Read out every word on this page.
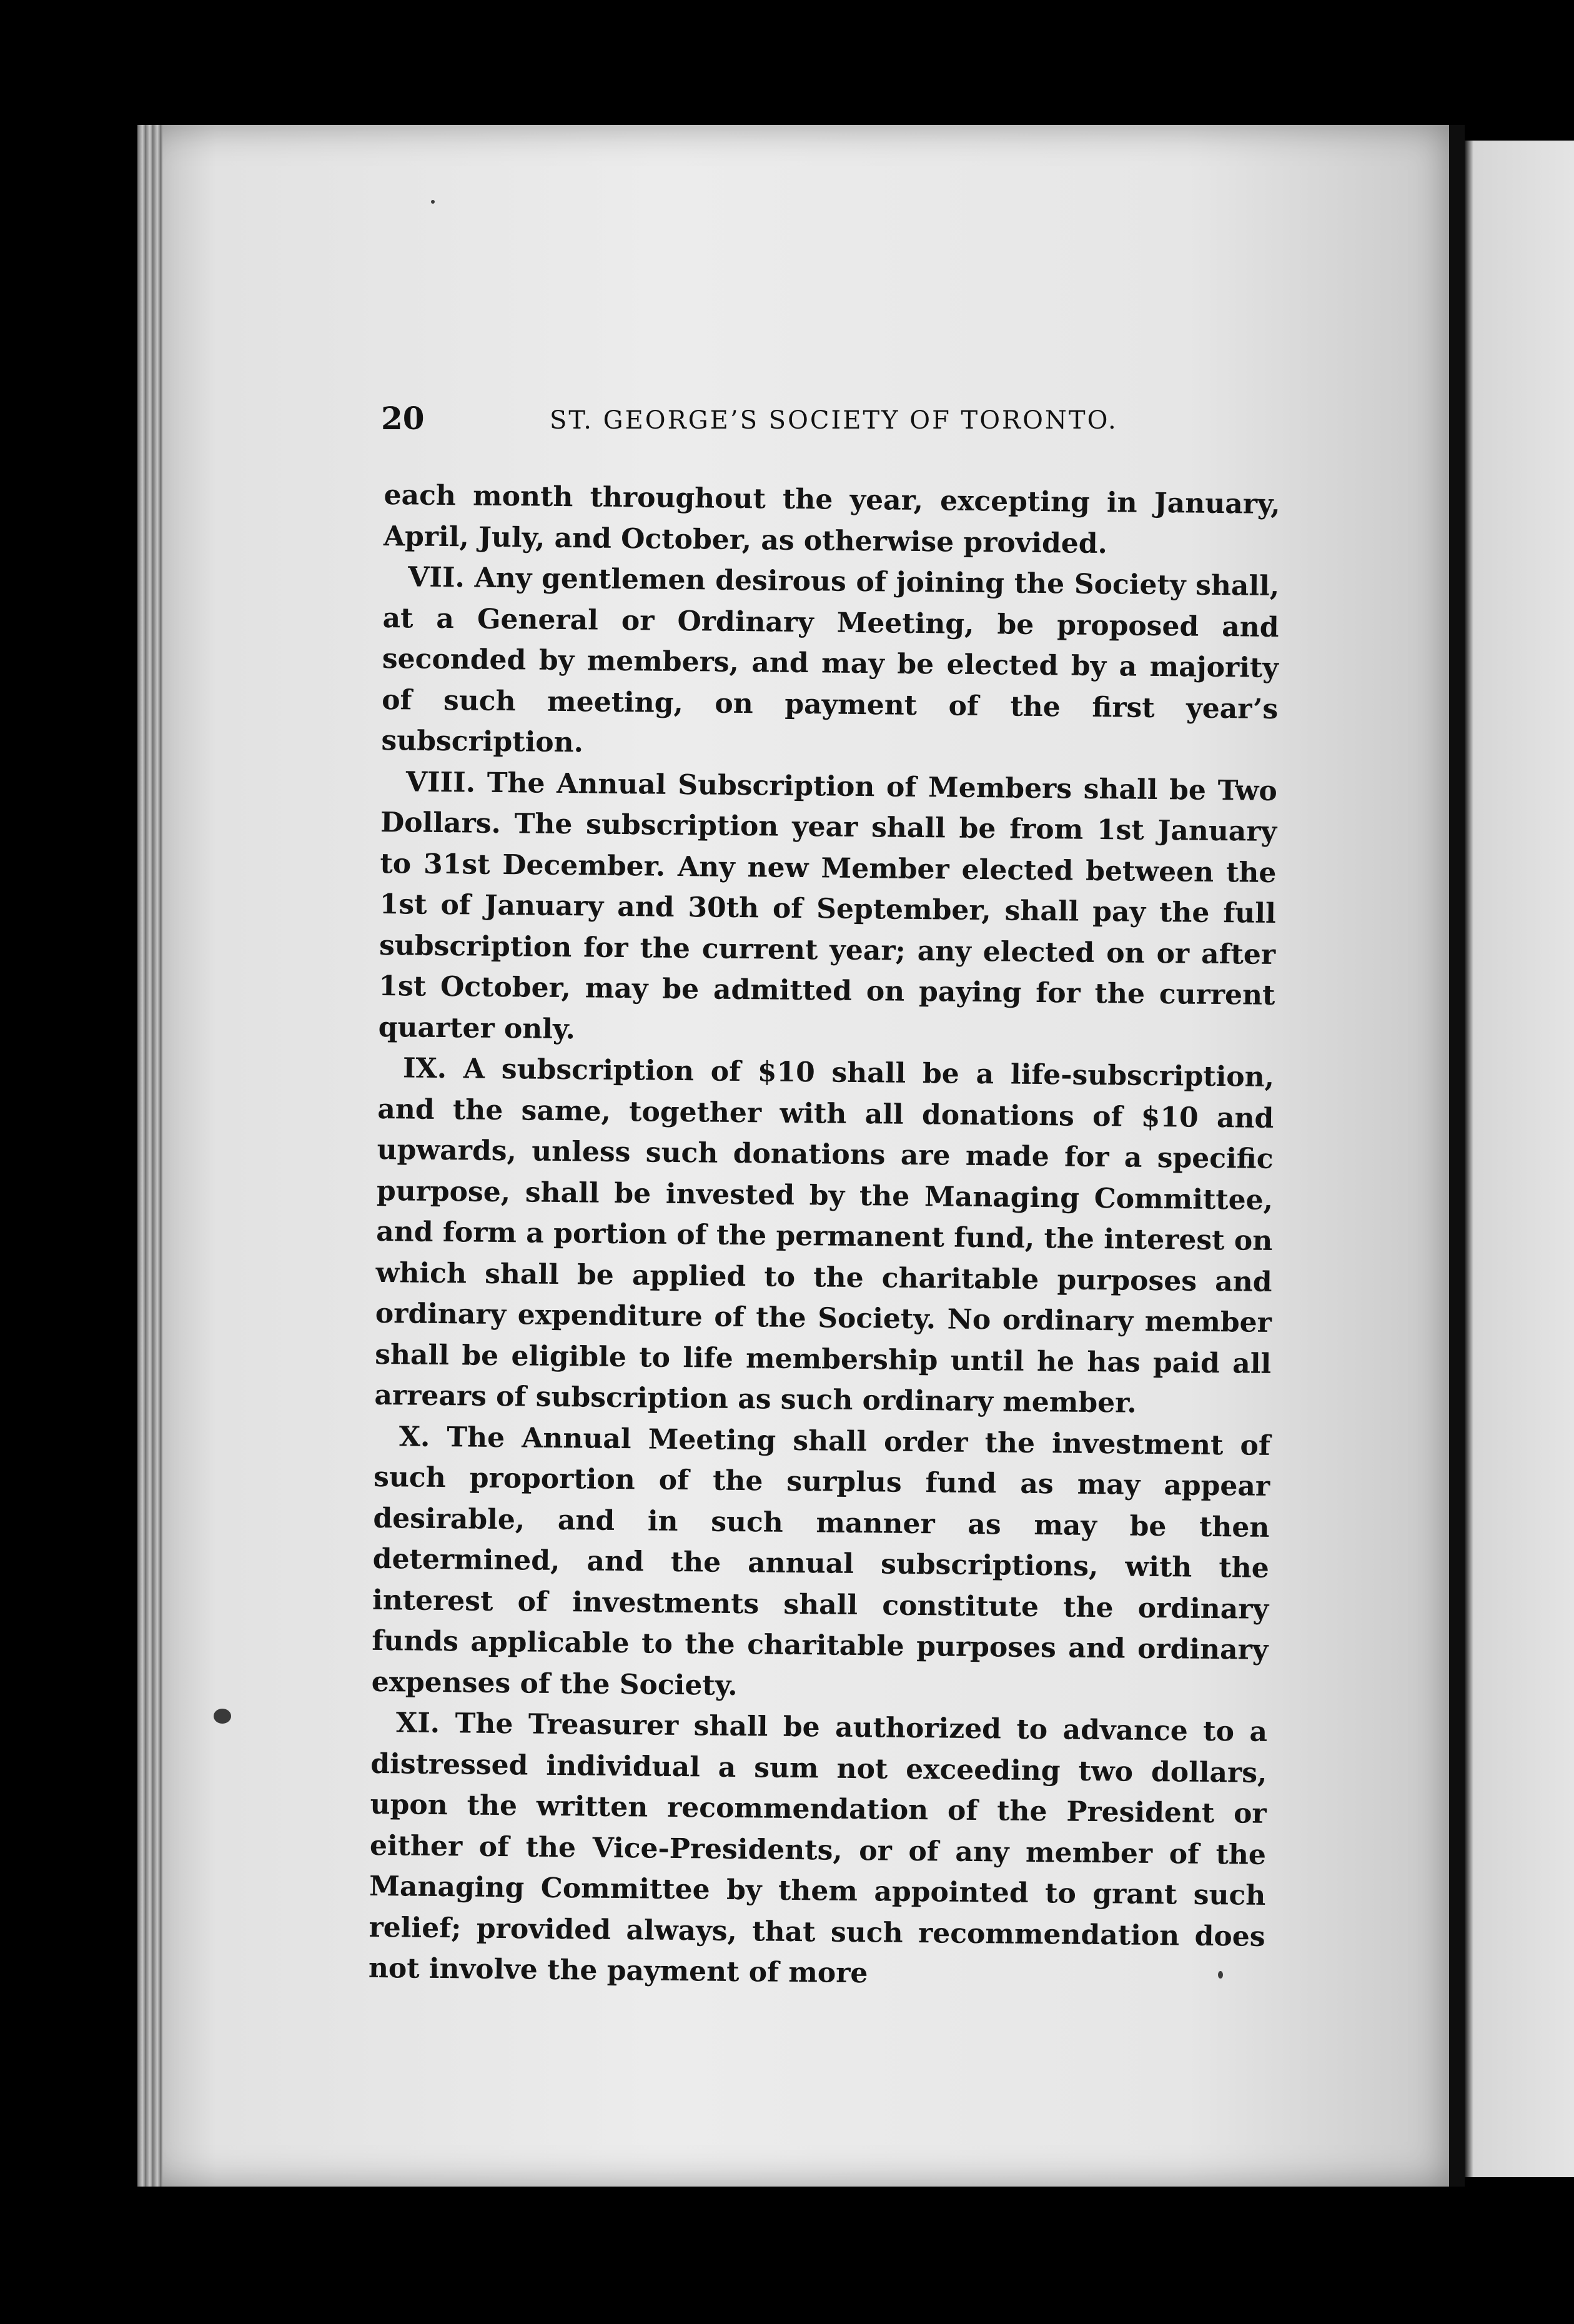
20	ST. GEORGE’S SOCIETY OF TORONTO.

each month throughout the year, excepting in January, April, July, and October, as otherwise provided.

VII. Any gentlemen desirous of joining the Society shall, at a General or Ordinary Meeting, be proposed and seconded by members, and may be elected by a majority of such meeting, on payment of the first year’s subscription.

VIII. The Annual Subscription of Members shall be Two Dollars. The subscription year shall be from 1st January to 31st December. Any new Member elected between the 1st of January and 30th of September, shall pay the full subscription for the current year; any elected on or after 1st October, may be admitted on paying for the current quarter only.

IX. A subscription of $10 shall be a life-subscription, and the same, together with all donations of $10 and upwards, unless such donations are made for a specific purpose, shall be invested by the Managing Committee, and form a portion of the permanent fund, the interest on which shall be applied to the charitable purposes and ordinary expenditure of the Society. No ordinary member shall be eligible to life membership until he has paid all arrears of subscription as such ordinary member.

X. The Annual Meeting shall order the investment of such proportion of the surplus fund as may appear desirable, and in such manner as may be then determined, and the annual subscriptions, with the interest of investments shall constitute the ordinary funds applicable to the charitable purposes and ordinary expenses of the Society.

XI. The Treasurer shall be authorized to advance to a distressed individual a sum not exceeding two dollars, upon the written recommendation of the President or either of the Vice-Presidents, or of any member of the Managing Committee by them appointed to grant such relief; provided always, that such recommendation does not involve the payment of more
